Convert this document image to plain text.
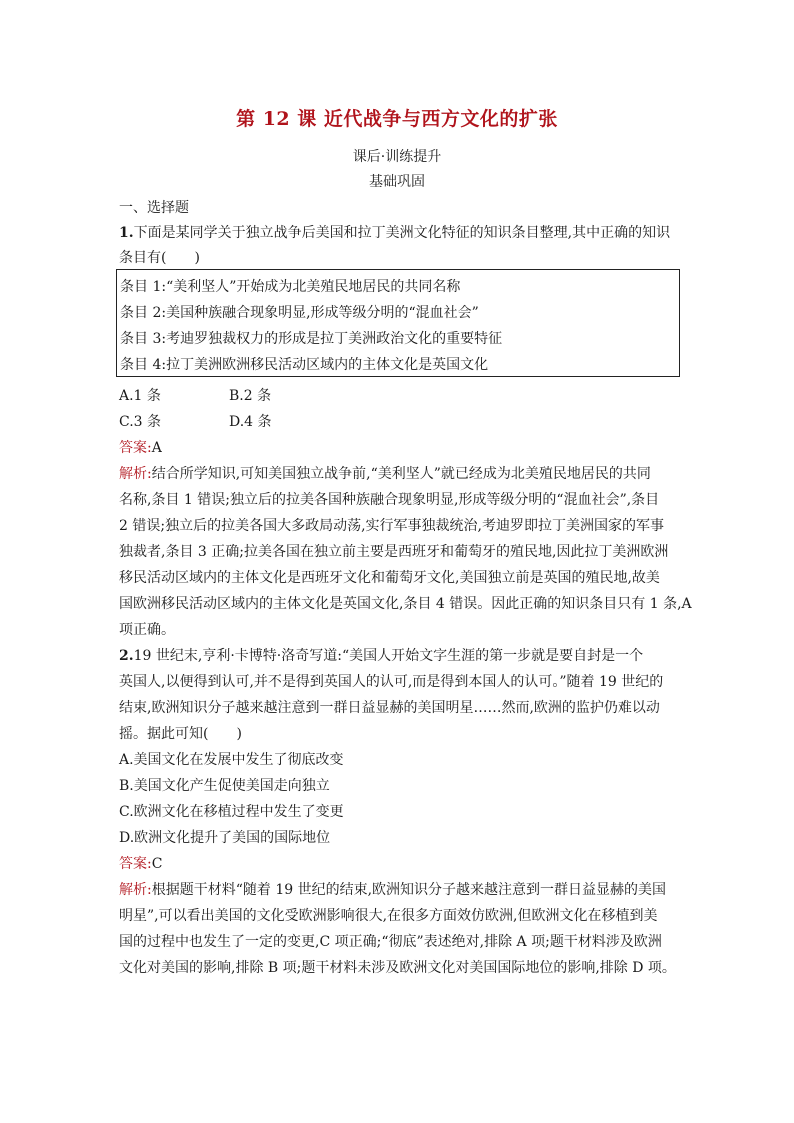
第 12 课 近代战争与西方文化的扩张
课后·训练提升
基础巩固
一、选择题
1.下面是某同学关于独立战争后美国和拉丁美洲文化特征的知识条目整理,其中正确的知识
条目有(　　)
条目 1:“美利坚人”开始成为北美殖民地居民的共同名称
条目 2:美国种族融合现象明显,形成等级分明的“混血社会”
条目 3:考迪罗独裁权力的形成是拉丁美洲政治文化的重要特征
条目 4:拉丁美洲欧洲移民活动区域内的主体文化是英国文化
A.1 条	B.2 条
C.3 条	D.4 条
答案:A
解析:结合所学知识,可知美国独立战争前,“美利坚人”就已经成为北美殖民地居民的共同
名称,条目 1 错误;独立后的拉美各国种族融合现象明显,形成等级分明的“混血社会”,条目
2 错误;独立后的拉美各国大多政局动荡,实行军事独裁统治,考迪罗即拉丁美洲国家的军事
独裁者,条目 3 正确;拉美各国在独立前主要是西班牙和葡萄牙的殖民地,因此拉丁美洲欧洲
移民活动区域内的主体文化是西班牙文化和葡萄牙文化,美国独立前是英国的殖民地,故美
国欧洲移民活动区域内的主体文化是英国文化,条目 4 错误。因此正确的知识条目只有 1 条,A
项正确。
2.19 世纪末,亨利·卡博特·洛奇写道:“美国人开始文字生涯的第一步就是要自封是一个
英国人,以便得到认可,并不是得到英国人的认可,而是得到本国人的认可。”随着 19 世纪的
结束,欧洲知识分子越来越注意到一群日益显赫的美国明星……然而,欧洲的监护仍难以动
摇。据此可知(　　)
A.美国文化在发展中发生了彻底改变
B.美国文化产生促使美国走向独立
C.欧洲文化在移植过程中发生了变更
D.欧洲文化提升了美国的国际地位
答案:C
解析:根据题干材料“随着 19 世纪的结束,欧洲知识分子越来越注意到一群日益显赫的美国
明星”,可以看出美国的文化受欧洲影响很大,在很多方面效仿欧洲,但欧洲文化在移植到美
国的过程中也发生了一定的变更,C 项正确;“彻底”表述绝对,排除 A 项;题干材料涉及欧洲
文化对美国的影响,排除 B 项;题干材料未涉及欧洲文化对美国国际地位的影响,排除 D 项。
